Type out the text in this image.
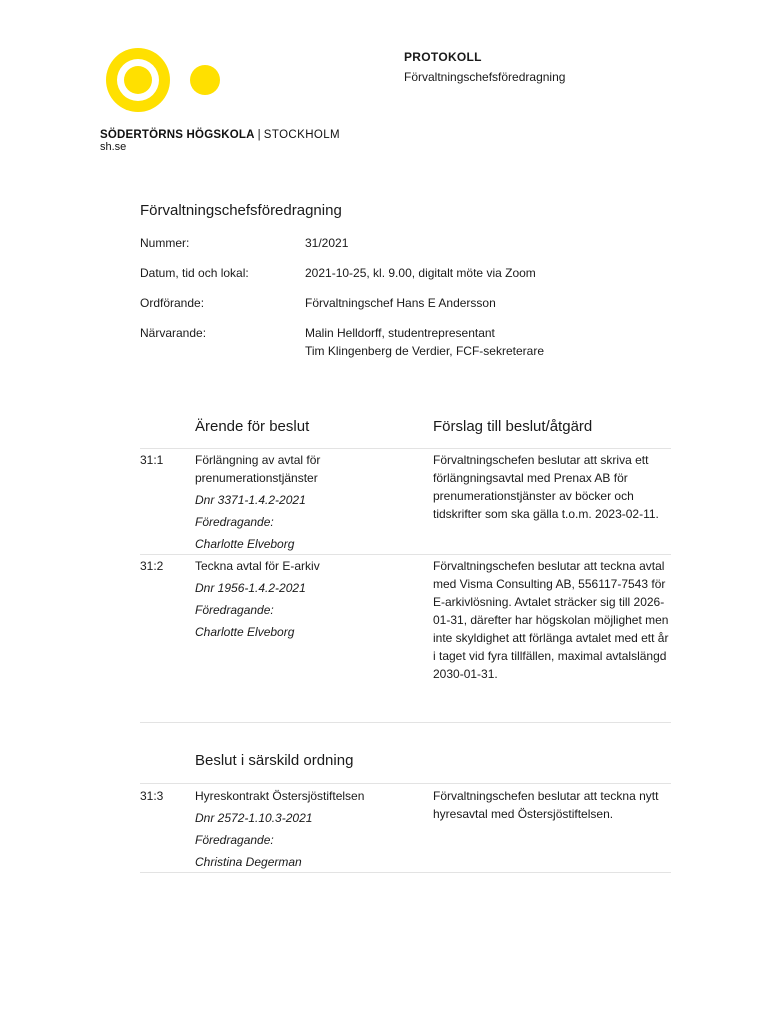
SÖDERTÖRNS HÖGSKOLA | STOCKHOLM
sh.se
PROTOKOLL
Förvaltningschefsföredragning
Förvaltningschefsföredragning
Nummer:	31/2021
Datum, tid och lokal:	2021-10-25, kl. 9.00, digitalt möte via Zoom
Ordförande:	Förvaltningschef Hans E Andersson
Närvarande:	Malin Helldorff, studentrepresentant
Tim Klingenberg de Verdier, FCF-sekreterare
Ärende för beslut	Förslag till beslut/åtgärd
31:1	Förlängning av avtal för prenumerationstjänster
Dnr 3371-1.4.2-2021
Föredragande:
Charlotte Elveborg
Förvaltningschefen beslutar att skriva ett förlängningsavtal med Prenax AB för prenumerationstjänster av böcker och tidskrifter som ska gälla t.o.m. 2023-02-11.
31:2	Teckna avtal för E-arkiv
Dnr 1956-1.4.2-2021
Föredragande:
Charlotte Elveborg
Förvaltningschefen beslutar att teckna avtal med Visma Consulting AB, 556117-7543 för E-arkivlösning. Avtalet sträcker sig till 2026-01-31, därefter har högskolan möjlighet men inte skyldighet att förlänga avtalet med ett år i taget vid fyra tillfällen, maximal avtalslängd 2030-01-31.
Beslut i särskild ordning
31:3	Hyreskontrakt Östersjöstiftelsen
Dnr 2572-1.10.3-2021
Föredragande:
Christina Degerman
Förvaltningschefen beslutar att teckna nytt hyresavtal med Östersjöstiftelsen.
